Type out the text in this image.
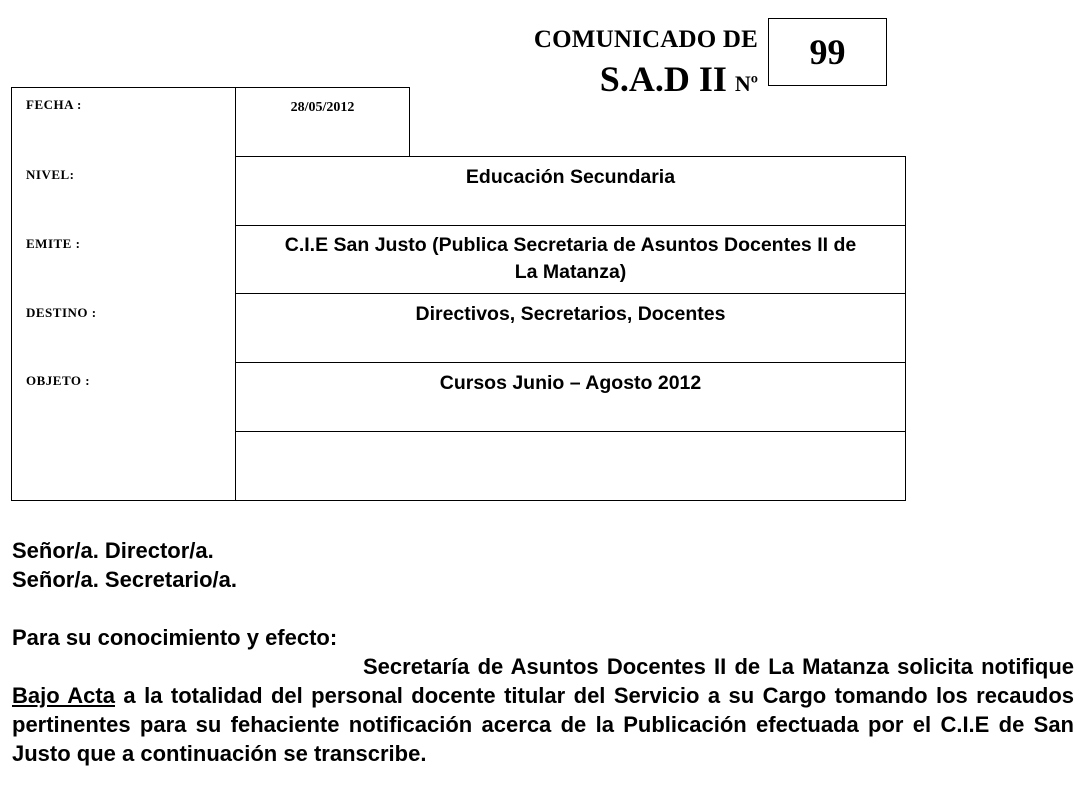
COMUNICADO DE
S.A.D II Nº
99
FECHA :
NIVEL:
EMITE :
DESTINO :
OBJETO :
28/05/2012
Educación Secundaria
C.I.E San Justo (Publica Secretaria de Asuntos Docentes II de
La Matanza)
Directivos, Secretarios, Docentes
Cursos Junio – Agosto 2012
Señor/a. Director/a.
Señor/a. Secretario/a.
Para su conocimiento y efecto:
Secretaría de Asuntos Docentes II de La Matanza solicita notifique Bajo Acta a la totalidad del personal docente titular del Servicio a su Cargo tomando los recaudos pertinentes para su fehaciente notificación acerca de la Publicación efectuada por el C.I.E de San Justo que a continuación se transcribe.
